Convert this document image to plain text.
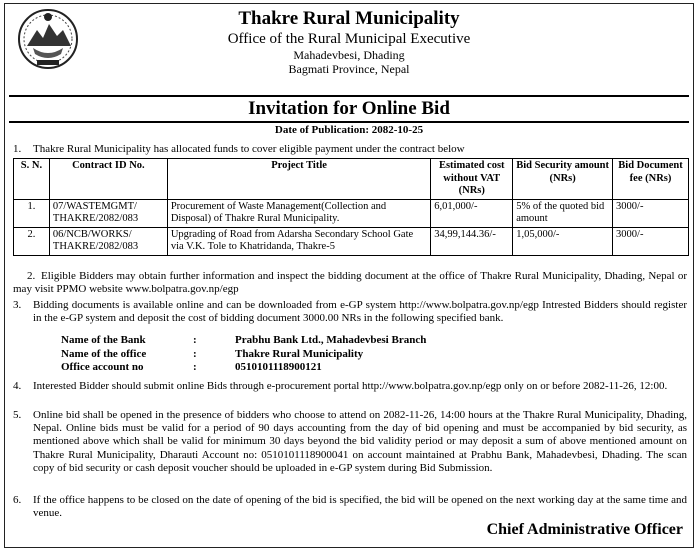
Thakre Rural Municipality
Office of the Rural Municipal Executive
Mahadevbesi, Dhading
Bagmati Province, Nepal
Invitation for Online Bid
Date of Publication: 2082-10-25
1. Thakre Rural Municipality has allocated funds to cover eligible payment under the contract below
S. N.	Contract ID No.	Project Title	Estimated cost without VAT (NRs)	Bid Security amount (NRs)	Bid Document fee (NRs)
1.	07/WASTEMGMT/ THAKRE/2082/083	Procurement of Waste Management(Collection and Disposal) of Thakre Rural Municipality.	6,01,000/-	5% of the quoted bid amount	3000/-
2.	06/NCB/WORKS/ THAKRE/2082/083	Upgrading of Road from Adarsha Secondary School Gate via V.K. Tole to Khatridanda, Thakre-5	34,99,144.36/-	1,05,000/-	3000/-
2. Eligible Bidders may obtain further information and inspect the bidding document at the office of Thakre Rural Municipality, Dhading, Nepal or may visit PPMO website www.bolpatra.gov.np/egp
3. Bidding documents is available online and can be downloaded from e-GP system http://www.bolpatra.gov.np/egp Intrested Bidders should register in the e-GP system and deposit the cost of bidding document 3000.00 NRs in the following specified bank.
Name of the Bank	:	Prabhu Bank Ltd., Mahadevbesi Branch
Name of the office	:	Thakre Rural Municipality
Office account no	:	0510101118900121
4. Interested Bidder should submit online Bids through e-procurement portal http://www.bolpatra.gov.np/egp only on or before 2082-11-26, 12:00.
5. Online bid shall be opened in the presence of bidders who choose to attend on 2082-11-26, 14:00 hours at the Thakre Rural Municipality, Dhading, Nepal. Online bids must be valid for a period of 90 days accounting from the day of bid opening and must be accompanied by bid security, as mentioned above which shall be valid for minimum 30 days beyond the bid validity period or may deposit a sum of above mentioned amount on Thakre Rural Municipality, Dharauti Account no: 0510101118900041 on account maintained at Prabhu Bank, Mahadevbesi, Dhading. The scan copy of bid security or cash deposit voucher should be uploaded in e-GP system during Bid Submission.
6. If the office happens to be closed on the date of opening of the bid is specified, the bid will be opened on the next working day at the same time and venue.
Chief Administrative Officer
